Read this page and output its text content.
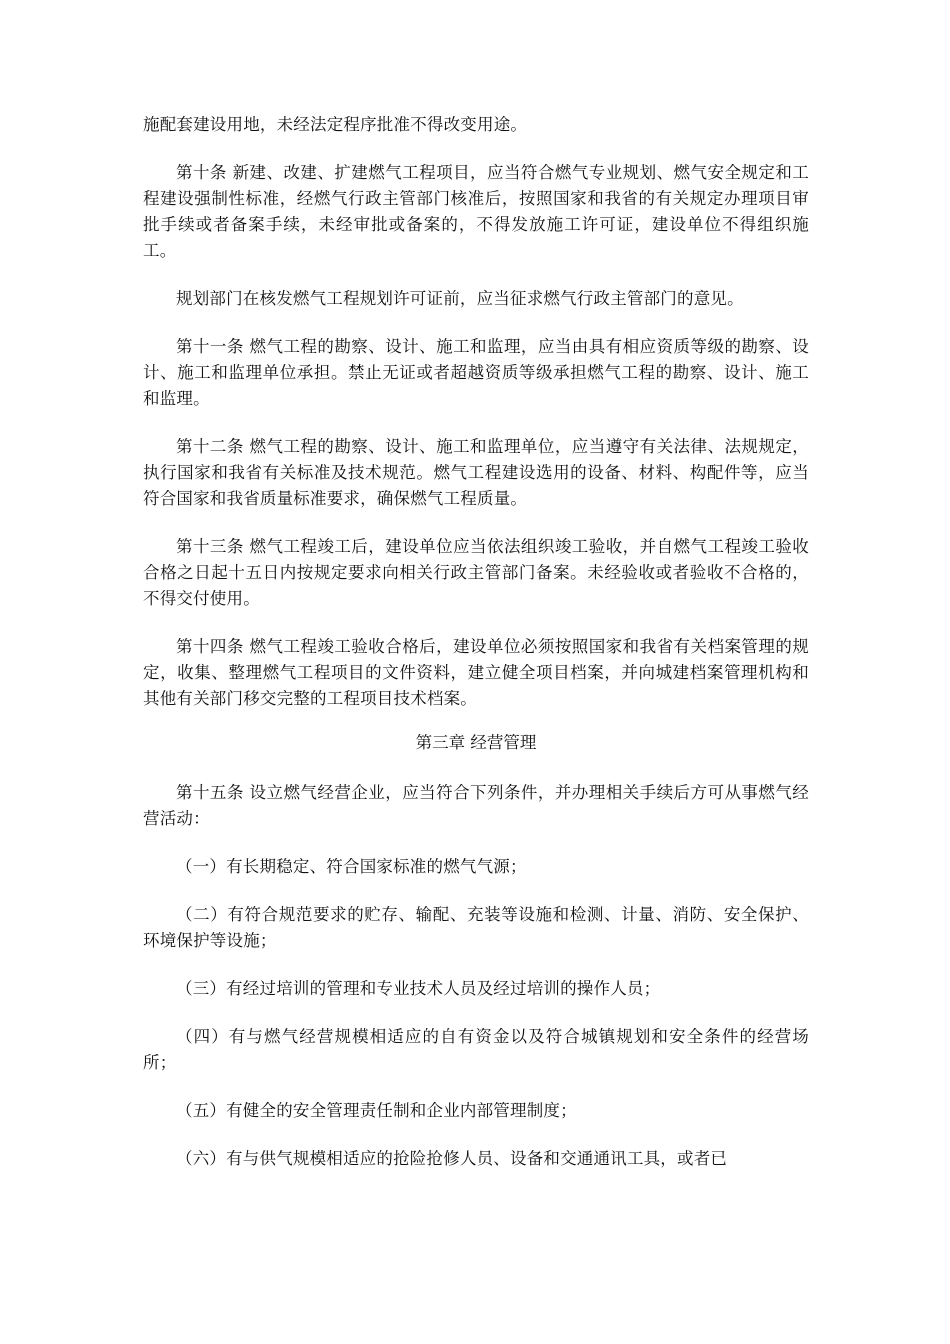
施配套建设用地，未经法定程序批准不得改变用途。

第十条 新建、改建、扩建燃气工程项目，应当符合燃气专业规划、燃气安全规定和工程建设强制性标准，经燃气行政主管部门核准后，按照国家和我省的有关规定办理项目审批手续或者备案手续，未经审批或备案的，不得发放施工许可证，建设单位不得组织施工。

规划部门在核发燃气工程规划许可证前，应当征求燃气行政主管部门的意见。

第十一条 燃气工程的勘察、设计、施工和监理，应当由具有相应资质等级的勘察、设计、施工和监理单位承担。禁止无证或者超越资质等级承担燃气工程的勘察、设计、施工和监理。

第十二条 燃气工程的勘察、设计、施工和监理单位，应当遵守有关法律、法规规定，执行国家和我省有关标准及技术规范。燃气工程建设选用的设备、材料、构配件等，应当符合国家和我省质量标准要求，确保燃气工程质量。

第十三条 燃气工程竣工后，建设单位应当依法组织竣工验收，并自燃气工程竣工验收合格之日起十五日内按规定要求向相关行政主管部门备案。未经验收或者验收不合格的，不得交付使用。

第十四条 燃气工程竣工验收合格后，建设单位必须按照国家和我省有关档案管理的规定，收集、整理燃气工程项目的文件资料，建立健全项目档案，并向城建档案管理机构和其他有关部门移交完整的工程项目技术档案。

第三章 经营管理

第十五条 设立燃气经营企业，应当符合下列条件，并办理相关手续后方可从事燃气经营活动：

（一）有长期稳定、符合国家标准的燃气气源；

（二）有符合规范要求的贮存、输配、充装等设施和检测、计量、消防、安全保护、环境保护等设施；

（三）有经过培训的管理和专业技术人员及经过培训的操作人员；

（四）有与燃气经营规模相适应的自有资金以及符合城镇规划和安全条件的经营场所；

（五）有健全的安全管理责任制和企业内部管理制度；

（六）有与供气规模相适应的抢险抢修人员、设备和交通通讯工具，或者已
